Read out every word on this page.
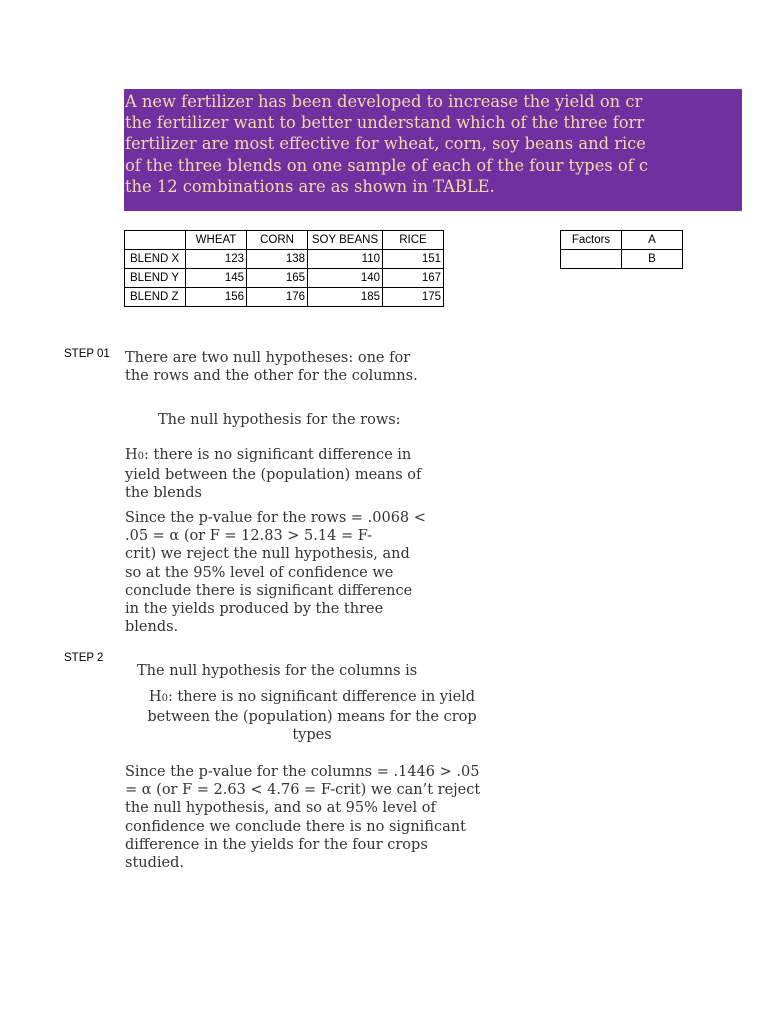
A new fertilizer has been developed to increase the yield on cr
the fertilizer want to better understand which of the three forr
fertilizer are most effective for wheat, corn, soy beans and rice
of the three blends on one sample of each of the four types of c
the 12 combinations are as shown in TABLE.
	WHEAT	CORN	SOY BEANS	RICE
BLEND X	123	138	110	151
BLEND Y	145	165	140	167
BLEND Z	156	176	185	175
Factors	A
	B
STEP 01 There are two null hypotheses: one for
the rows and the other for the columns.
The null hypothesis for the rows:
H0: there is no significant difference in
yield between the (population) means of
the blends
Since the p-value for the rows = .0068 <
.05 = α (or F = 12.83 > 5.14 = F-
crit) we reject the null hypothesis, and
so at the 95% level of confidence we
conclude there is significant difference
in the yields produced by the three
blends.
STEP 2
The null hypothesis for the columns is
H0: there is no significant difference in yield
between the (population) means for the crop
types
Since the p-value for the columns = .1446 > .05
= α (or F = 2.63 < 4.76 = F-crit) we can’t reject
the null hypothesis, and so at 95% level of
confidence we conclude there is no significant
difference in the yields for the four crops
studied.
